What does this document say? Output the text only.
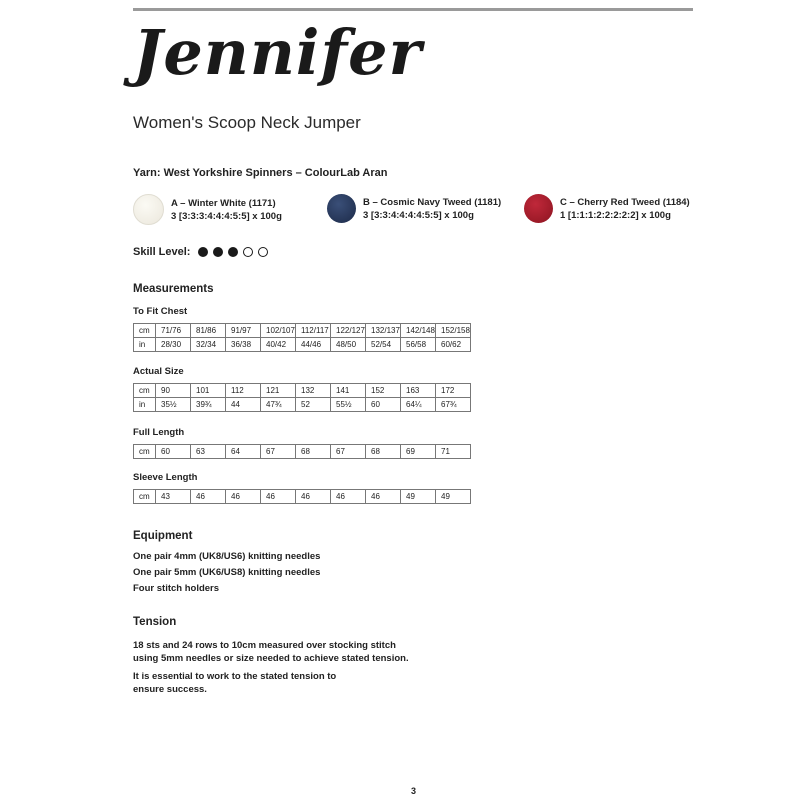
Jennifer
Women's Scoop Neck Jumper
Yarn: West Yorkshire Spinners – ColourLab Aran
A – Winter White (1171)
3 [3:3:3:4:4:4:5:5] x 100g
B – Cosmic Navy Tweed (1181)
3 [3:3:4:4:4:4:5:5] x 100g
C – Cherry Red Tweed (1184)
1 [1:1:1:2:2:2:2:2] x 100g
Skill Level:
Measurements
To Fit Chest
cm	71/76	81/86	91/97	102/107	112/117	122/127	132/137	142/148	152/158
in	28/30	32/34	36/38	40/42	44/46	48/50	52/54	56/58	60/62
Actual Size
cm	90	101	112	121	132	141	152	163	172
in	35½	39¾	44	47¾	52	55½	60	64¼	67¾
Full Length
cm	60	63	64	67	68	67	68	69	71
Sleeve Length
cm	43	46	46	46	46	46	46	49	49
Equipment
One pair 4mm (UK8/US6) knitting needles
One pair 5mm (UK6/US8) knitting needles
Four stitch holders
Tension
18 sts and 24 rows to 10cm measured over stocking stitch
using 5mm needles or size needed to achieve stated tension.
It is essential to work to the stated tension to
ensure success.
3
